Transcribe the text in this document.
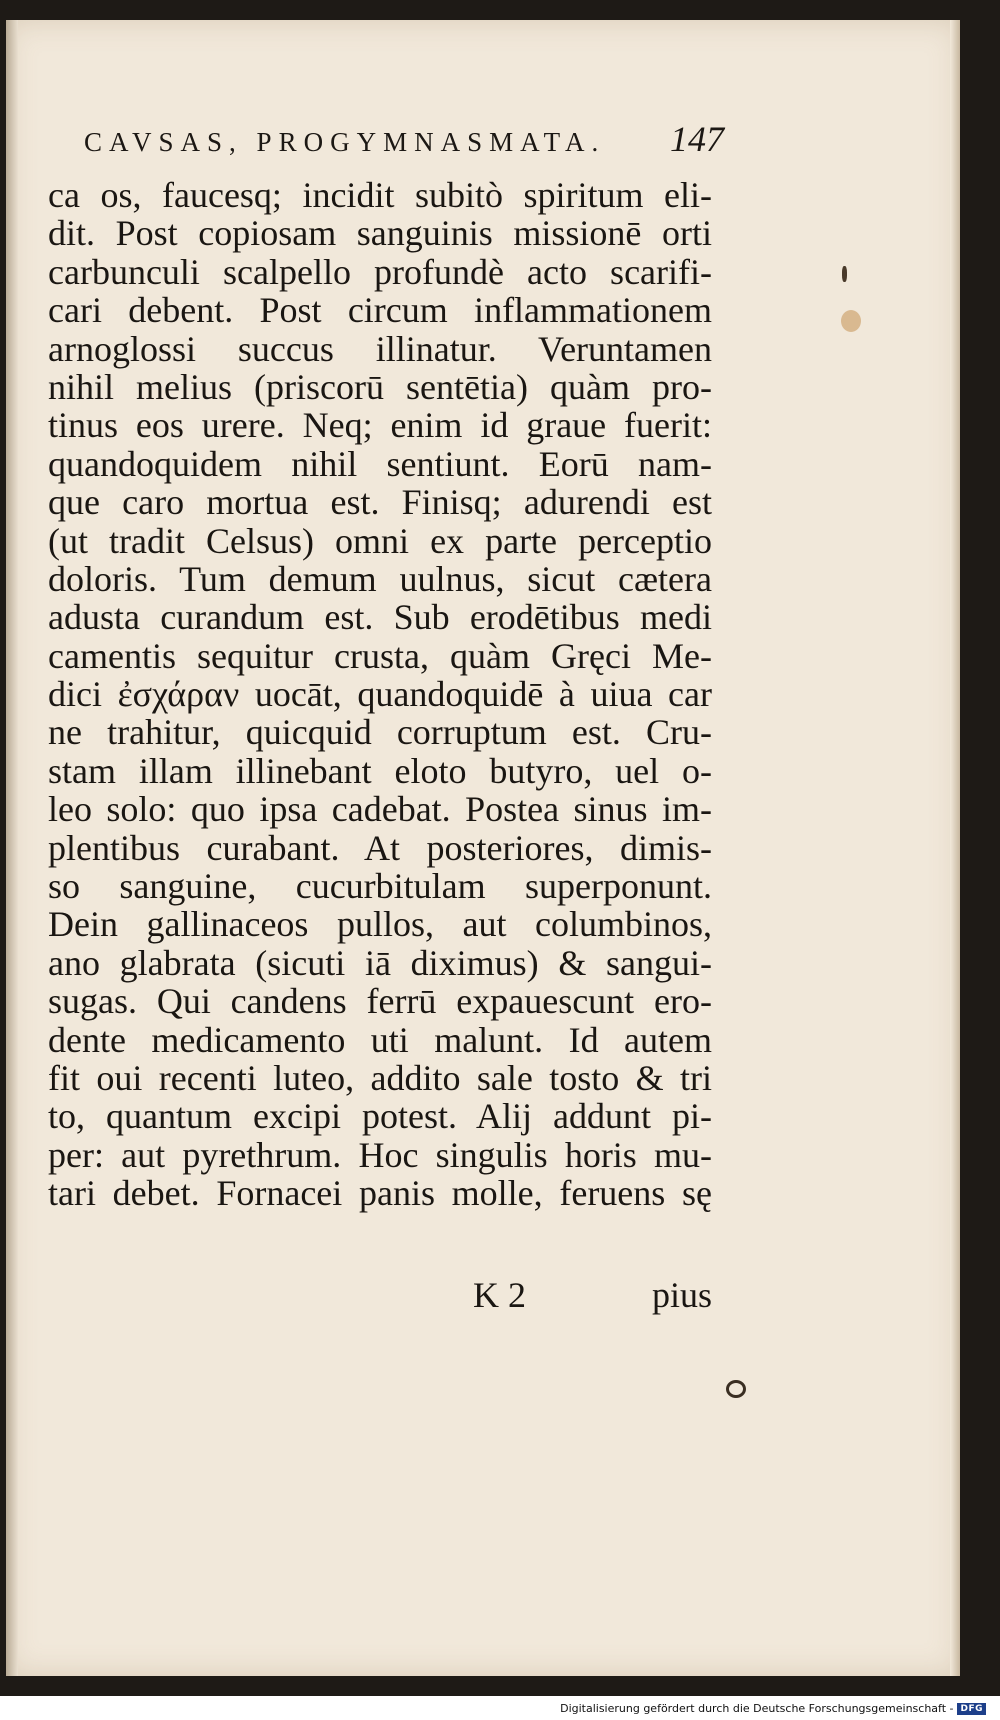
CAVSAS, PROGYMNASMATA. 147
ca os, faucesq; incidit subitò spiritum eli-
dit. Post copiosam sanguinis missionē orti
carbunculi scalpello profundè acto scarifi-
cari debent. Post circum inflammationem
arnoglossi succus illinatur. Veruntamen
nihil melius (priscorū sentētia) quàm pro-
tinus eos urere. Neq; enim id graue fuerit:
quandoquidem nihil sentiunt. Eorū nam-
que caro mortua est. Finisq; adurendi est
(ut tradit Celsus) omni ex parte perceptio
doloris. Tum demum uulnus, sicut cætera
adusta curandum est. Sub erodētibus medi
camentis sequitur crusta, quàm Gręci Me-
dici ἐσχάραν uocāt, quandoquidē à uiua car
ne trahitur, quicquid corruptum est. Cru-
stam illam illinebant eloto butyro, uel o-
leo solo: quo ipsa cadebat. Postea sinus im-
plentibus curabant. At posteriores, dimis-
so sanguine, cucurbitulam superponunt.
Dein gallinaceos pullos, aut columbinos,
ano glabrata (sicuti iā diximus) & sangui-
sugas. Qui candens ferrū expauescunt ero-
dente medicamento uti malunt. Id autem
fit oui recenti luteo, addito sale tosto & tri
to, quantum excipi potest. Alij addunt pi-
per: aut pyrethrum. Hoc singulis horis mu-
tari debet. Fornacei panis molle, feruens sę
K 2	pius
Digitalisierung gefördert durch die Deutsche Forschungsgemeinschaft - DFG
